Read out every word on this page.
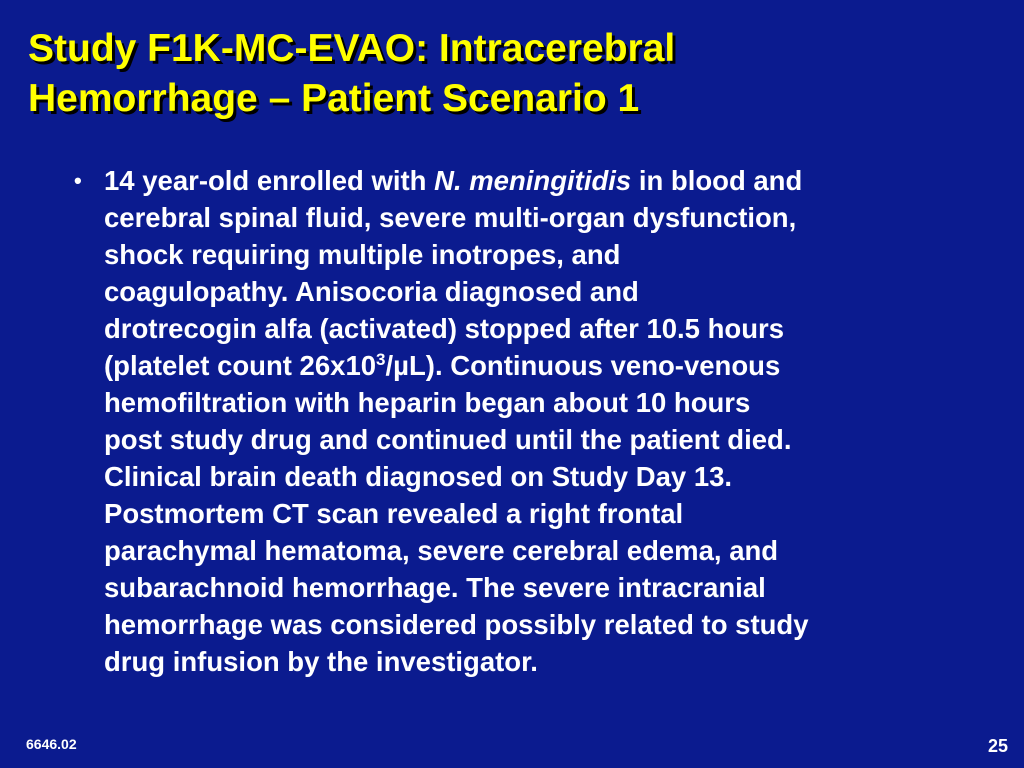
Study F1K-MC-EVAO: Intracerebral
Hemorrhage – Patient Scenario 1
• 14 year-old enrolled with N. meningitidis in blood and
cerebral spinal fluid, severe multi-organ dysfunction,
shock requiring multiple inotropes, and
coagulopathy. Anisocoria diagnosed and
drotrecogin alfa (activated) stopped after 10.5 hours
(platelet count $26x10^3/\mu L$). Continuous veno-venous
hemofiltration with heparin began about 10 hours
post study drug and continued until the patient died.
Clinical brain death diagnosed on Study Day 13.
Postmortem CT scan revealed a right frontal
parachymal hematoma, severe cerebral edema, and
subarachnoid hemorrhage. The severe intracranial
hemorrhage was considered possibly related to study
drug infusion by the investigator.
6646.02	25
